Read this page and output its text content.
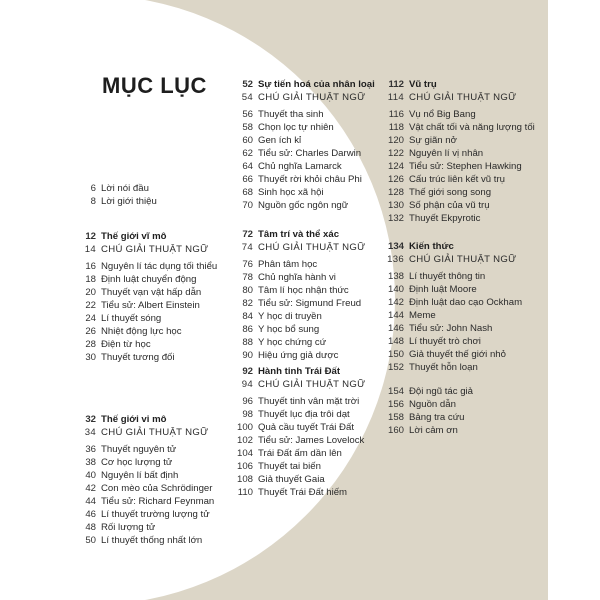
MỤC LỤC
6 Lời nói đầu
8 Lời giới thiệu
12 Thế giới vĩ mô
14 CHÚ GIẢI THUẬT NGỮ
16 Nguyên lí tác dụng tối thiểu
18 Định luật chuyển động
20 Thuyết vạn vật hấp dẫn
22 Tiểu sử: Albert Einstein
24 Lí thuyết sóng
26 Nhiệt động lực học
28 Điện từ học
30 Thuyết tương đối
32 Thế giới vi mô
34 CHÚ GIẢI THUẬT NGỮ
36 Thuyết nguyên tử
38 Cơ học lượng tử
40 Nguyên lí bất định
42 Con mèo của Schrödinger
44 Tiểu sử: Richard Feynman
46 Lí thuyết trường lượng tử
48 Rối lượng tử
50 Lí thuyết thống nhất lớn
52 Sự tiến hoá của nhân loại
54 CHÚ GIẢI THUẬT NGỮ
56 Thuyết tha sinh
58 Chọn lọc tự nhiên
60 Gen ích kỉ
62 Tiểu sử: Charles Darwin
64 Chủ nghĩa Lamarck
66 Thuyết rời khỏi châu Phi
68 Sinh học xã hội
70 Nguồn gốc ngôn ngữ
72 Tâm trí và thể xác
74 CHÚ GIẢI THUẬT NGỮ
76 Phân tâm học
78 Chủ nghĩa hành vi
80 Tâm lí học nhận thức
82 Tiểu sử: Sigmund Freud
84 Y học di truyền
86 Y học bổ sung
88 Y học chứng cứ
90 Hiệu ứng giả dược
92 Hành tinh Trái Đất
94 CHÚ GIẢI THUẬT NGỮ
96 Thuyết tinh vân mặt trời
98 Thuyết lục địa trôi dạt
100 Quả cầu tuyết Trái Đất
102 Tiểu sử: James Lovelock
104 Trái Đất ấm dần lên
106 Thuyết tai biến
108 Giả thuyết Gaia
110 Thuyết Trái Đất hiếm
112 Vũ trụ
114 CHÚ GIẢI THUẬT NGỮ
116 Vụ nổ Big Bang
118 Vật chất tối và năng lượng tối
120 Sự giãn nở
122 Nguyên lí vị nhân
124 Tiểu sử: Stephen Hawking
126 Cấu trúc liên kết vũ trụ
128 Thế giới song song
130 Số phận của vũ trụ
132 Thuyết Ekpyrotic
134 Kiến thức
136 CHÚ GIẢI THUẬT NGỮ
138 Lí thuyết thông tin
140 Định luật Moore
142 Định luật dao cạo Ockham
144 Meme
146 Tiểu sử: John Nash
148 Lí thuyết trò chơi
150 Giả thuyết thế giới nhỏ
152 Thuyết hỗn loạn
154 Đội ngũ tác giả
156 Nguồn dẫn
158 Bảng tra cứu
160 Lời cảm ơn
